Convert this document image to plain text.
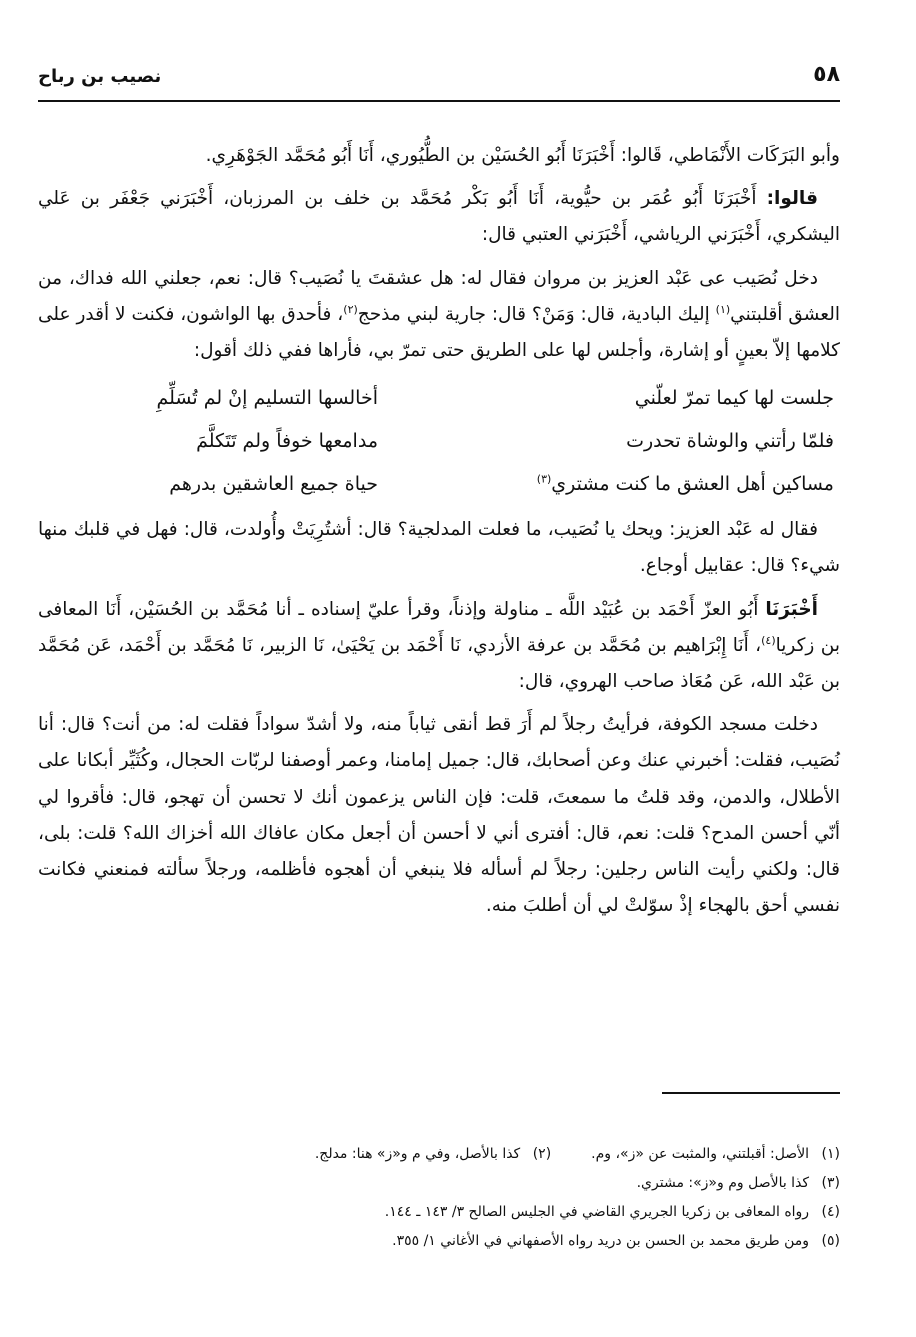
٥٨
نصيب بن رباح

وأبو البَرَكَات الأَنْمَاطي، قَالوا: أَخْبَرَنَا أَبُو الحُسَيْن بن الطُّيُوري، أَنَا أَبُو مُحَمَّد الجَوْهَرِي.

قالوا: أَخْبَرَنَا أَبُو عُمَر بن حيُّوية، أَنَا أَبُو بَكْر مُحَمَّد بن خلف بن المرزبان، أَخْبَرَني جَعْفَر بن عَلي اليشكري، أَخْبَرَني الرياشي، أَخْبَرَني العتبي قال:

دخل نُصَيب عى عَبْد العزيز بن مروان فقال له: هل عشقتَ يا نُصَيب؟ قال: نعم، جعلني الله فداك، من العشق أقلبتني$^{(١)}$ إليك البادية، قال: وَمَنْ؟ قال: جارية لبني مذحج$^{(٢)}$، فأحدق بها الواشون، فكنت لا أقدر على كلامها إلاّ بعينٍ أو إشارة، وأجلس لها على الطريق حتى تمرّ بي، فأراها ففي ذلك أقول:

جلست لها كيما تمرّ لعلّني
أخالسها التسليم إنْ لم تُسَلِّمِ
فلمّا رأتني والوشاة تحدرت
مدامعها خوفاً ولم تَتَكلَّمَ
مساكين أهل العشق ما كنت مشتري$^{(٣)}$
حياة جميع العاشقين بدرهم

فقال له عَبْد العزيز: ويحك يا نُصَيب، ما فعلت المدلجية؟ قال: أشتُرِيَتْ وأُولدت، قال: فهل في قلبك منها شيء؟ قال: عقابيل أوجاع.

أَخْبَرَنَا أَبُو العزّ أَحْمَد بن عُبَيْد اللَّه ـ مناولة وإذناً، وقرأ عليّ إسناده ـ أنا مُحَمَّد بن الحُسَيْن، أَنَا المعافى بن زكريا$^{(٤)}$، أَنَا إِبْرَاهيم بن مُحَمَّد بن عرفة الأزدي، نَا أَحْمَد بن يَحْيَىٰ، نَا الزبير، نَا مُحَمَّد بن أَحْمَد، عَن مُحَمَّد بن عَبْد الله، عَن مُعَاذ صاحب الهروي، قال:

دخلت مسجد الكوفة، فرأيتُ رجلاً لم أَرَ قط أنقى ثياباً منه، ولا أشدّ سواداً فقلت له: من أنت؟ قال: أنا نُصَيب، فقلت: أخبرني عنك وعن أصحابك، قال: جميل إمامنا، وعمر أوصفنا لربّات الحجال، وكُثَيِّر أبكانا على الأطلال، والدمن، وقد قلتُ ما سمعتَ، قلت: فإن الناس يزعمون أنك لا تحسن أن تهجو، قال: فأقروا لي أنّي أحسن المدح؟ قلت: نعم، قال: أفترى أني لا أحسن أن أجعل مكان عافاك الله أخزاك الله؟ قلت: بلى، قال: ولكني رأيت الناس رجلين: رجلاً لم أسأله فلا ينبغي أن أهجوه فأظلمه، ورجلاً سألته فمنعني فكانت نفسي أحق بالهجاء إذْ سوّلتْ لي أن أطلبَ منه.

(١) الأصل: أقبلتني، والمثبت عن «ز»، وم.
(٢) كذا بالأصل، وفي م و«ز» هنا: مدلج.
(٣) كذا بالأصل وم و«ز»: مشتري.
(٤) رواه المعافى بن زكريا الجريري القاضي في الجليس الصالح ٣/ ١٤٣ ـ ١٤٤.
(٥) ومن طريق محمد بن الحسن بن دريد رواه الأصفهاني في الأغاني ١/ ٣٥٥.
